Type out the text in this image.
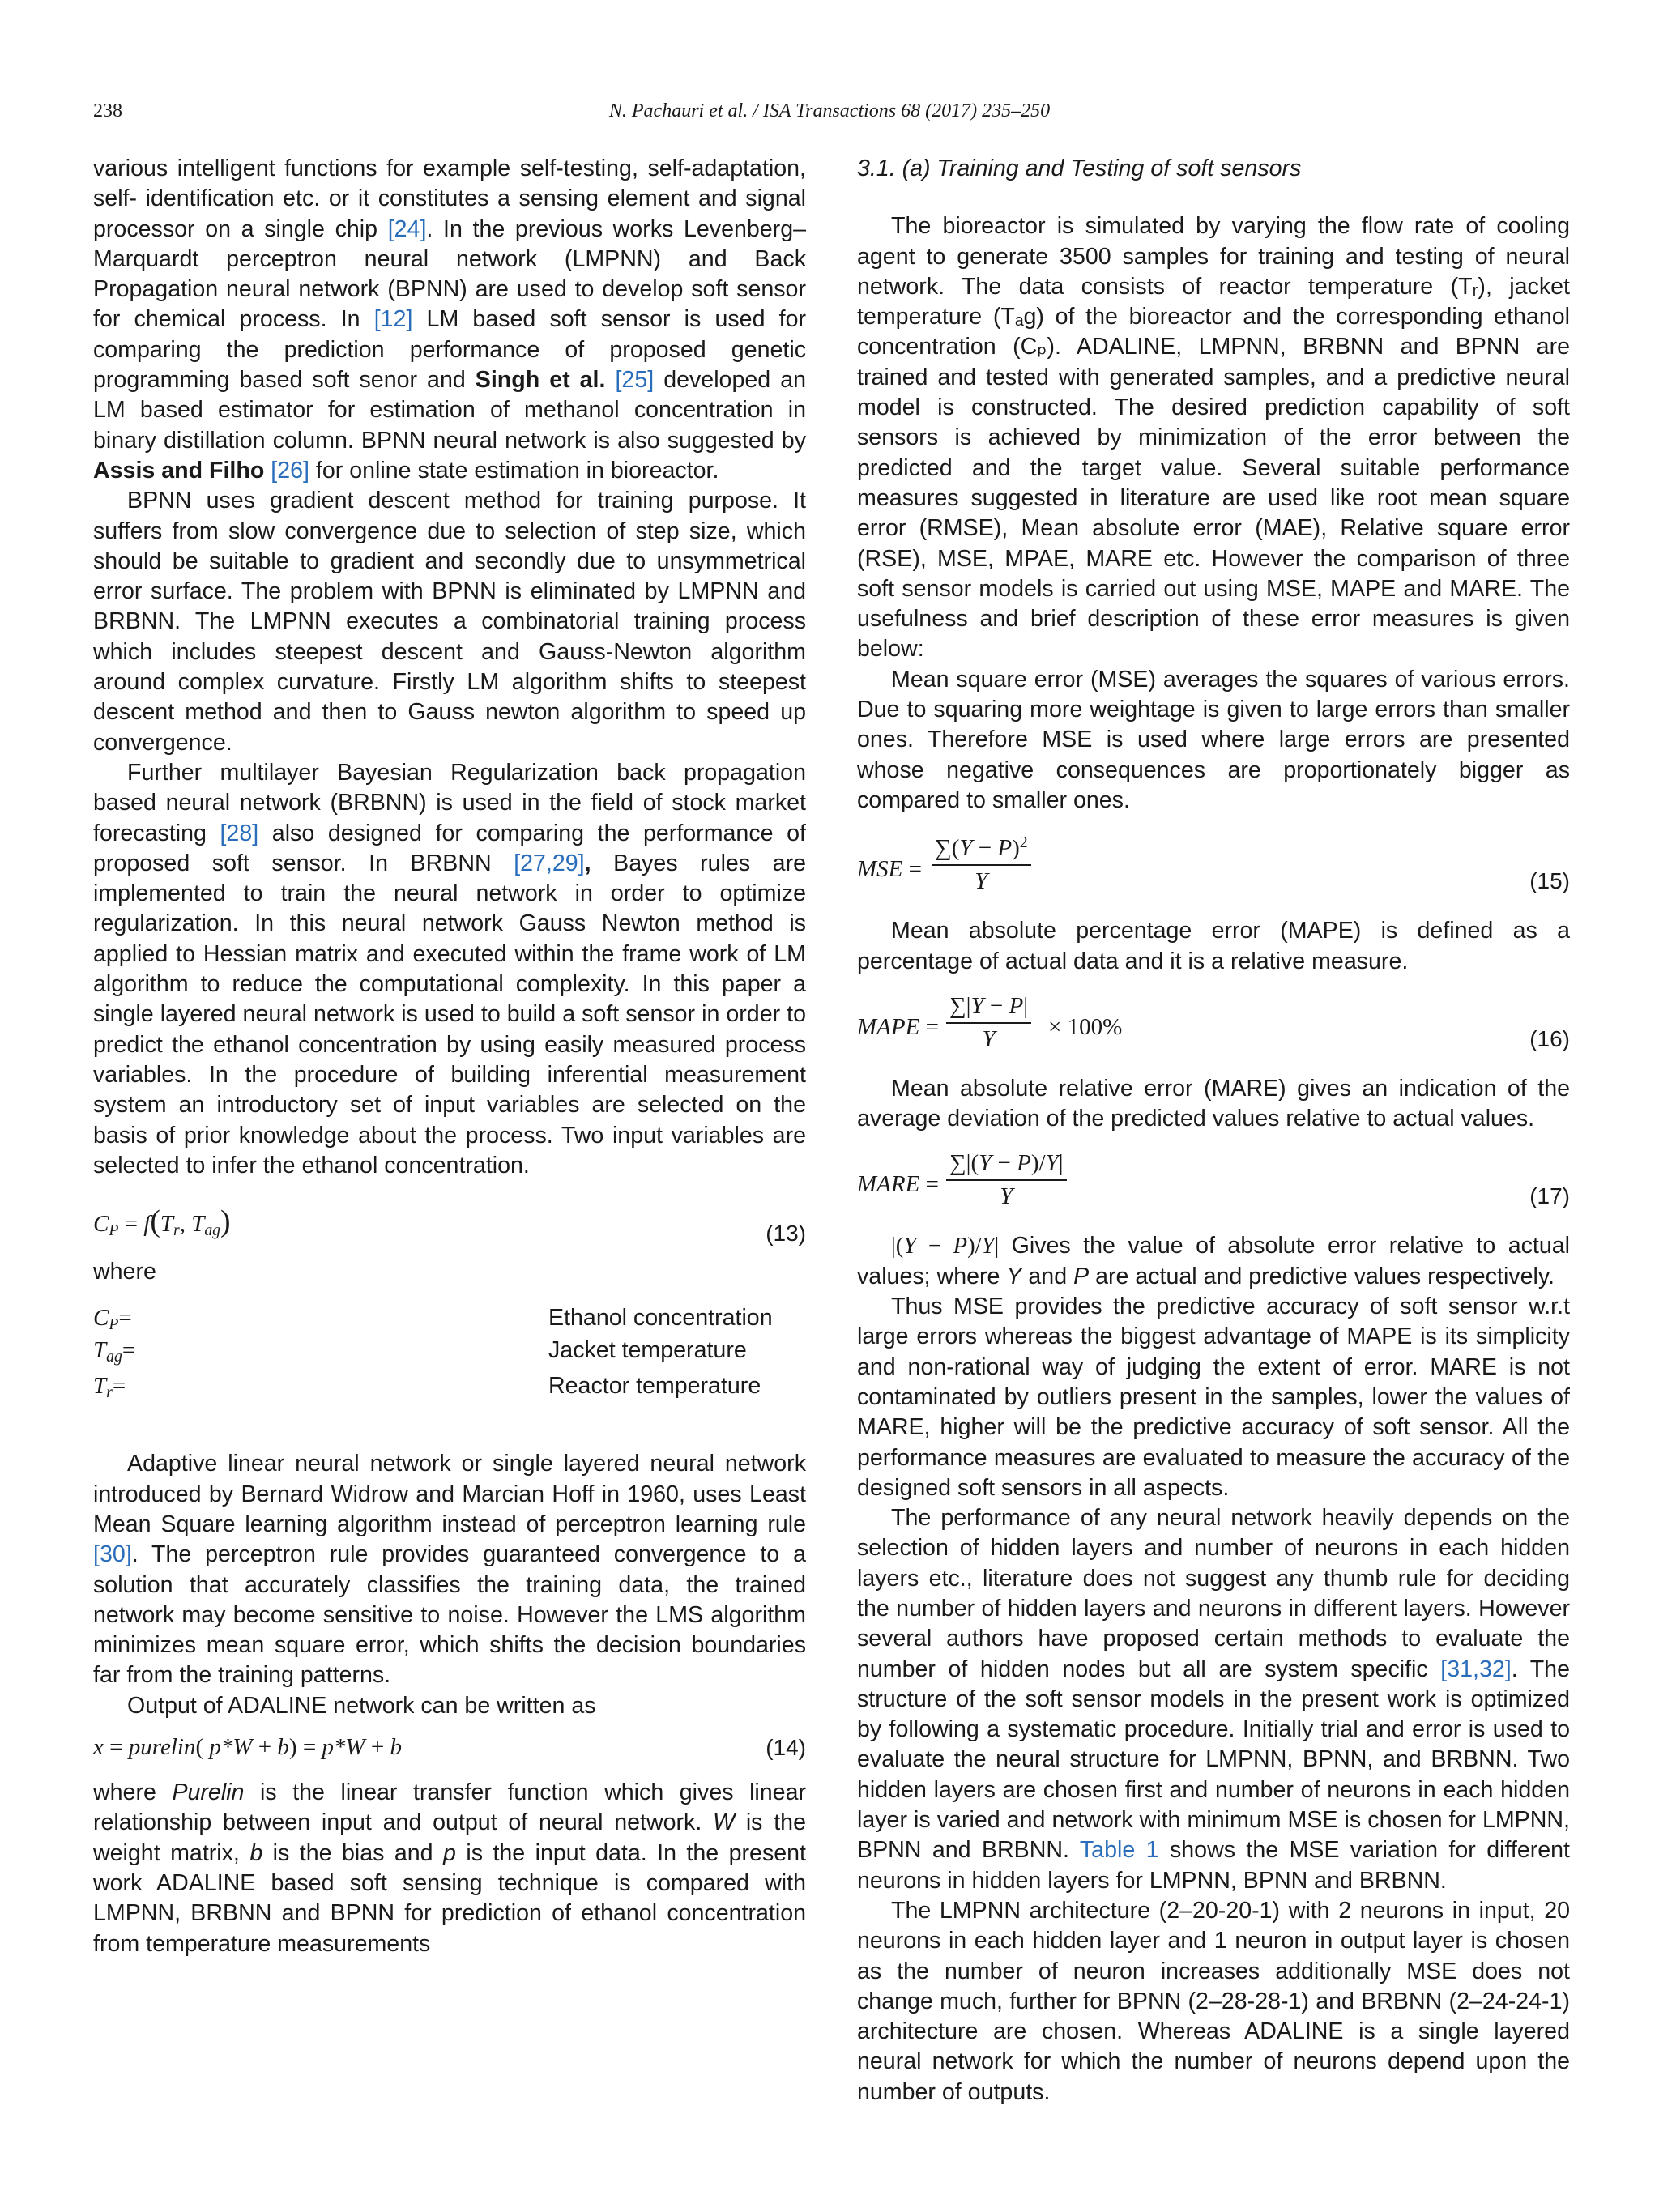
238	N. Pachauri et al. / ISA Transactions 68 (2017) 235–250

various intelligent functions for example self-testing, self-adaptation, self- identification etc. or it constitutes a sensing element and signal processor on a single chip [24]. In the previous works Levenberg–Marquardt perceptron neural network (LMPNN) and Back Propagation neural network (BPNN) are used to develop soft sensor for chemical process. In [12] LM based soft sensor is used for comparing the prediction performance of proposed genetic programming based soft senor and Singh et al. [25] developed an LM based estimator for estimation of methanol concentration in binary distillation column. BPNN neural network is also suggested by Assis and Filho [26] for online state estimation in bioreactor.

BPNN uses gradient descent method for training purpose. It suffers from slow convergence due to selection of step size, which should be suitable to gradient and secondly due to unsymmetrical error surface. The problem with BPNN is eliminated by LMPNN and BRBNN. The LMPNN executes a combinatorial training process which includes steepest descent and Gauss-Newton algorithm around complex curvature. Firstly LM algorithm shifts to steepest descent method and then to Gauss newton algorithm to speed up convergence.

Further multilayer Bayesian Regularization back propagation based neural network (BRBNN) is used in the field of stock market forecasting [28] also designed for comparing the performance of proposed soft sensor. In BRBNN [27,29], Bayes rules are implemented to train the neural network in order to optimize regularization. In this neural network Gauss Newton method is applied to Hessian matrix and executed within the frame work of LM algorithm to reduce the computational complexity. In this paper a single layered neural network is used to build a soft sensor in order to predict the ethanol concentration by using easily measured process variables. In the procedure of building inferential measurement system an introductory set of input variables are selected on the basis of prior knowledge about the process. Two input variables are selected to infer the ethanol concentration.

$C_P = f(T_r$, $T_{ag}$)	(13)

where

$C_P=$	Ethanol concentration
$T_{ag}=$	Jacket temperature
$T_r=$	Reactor temperature

Adaptive linear neural network or single layered neural network introduced by Bernard Widrow and Marcian Hoff in 1960, uses Least Mean Square learning algorithm instead of perceptron learning rule [30]. The perceptron rule provides guaranteed convergence to a solution that accurately classifies the training data, the trained network may become sensitive to noise. However the LMS algorithm minimizes mean square error, which shifts the decision boundaries far from the training patterns.

Output of ADALINE network can be written as

x = purelin( p*W + b) = p*W + b	(14)

where Purelin is the linear transfer function which gives linear relationship between input and output of neural network. W is the weight matrix, b is the bias and p is the input data. In the present work ADALINE based soft sensing technique is compared with LMPNN, BRBNN and BPNN for prediction of ethanol concentration from temperature measurements

3.1. (a) Training and Testing of soft sensors

The bioreactor is simulated by varying the flow rate of cooling agent to generate 3500 samples for training and testing of neural network. The data consists of reactor temperature (Tᵣ), jacket temperature (Tₐg) of the bioreactor and the corresponding ethanol concentration (Cₚ). ADALINE, LMPNN, BRBNN and BPNN are trained and tested with generated samples, and a predictive neural model is constructed. The desired prediction capability of soft sensors is achieved by minimization of the error between the predicted and the target value. Several suitable performance measures suggested in literature are used like root mean square error (RMSE), Mean absolute error (MAE), Relative square error (RSE), MSE, MPAE, MARE etc. However the comparison of three soft sensor models is carried out using MSE, MAPE and MARE. The usefulness and brief description of these error measures is given below:

Mean square error (MSE) averages the squares of various errors. Due to squaring more weightage is given to large errors than smaller ones. Therefore MSE is used where large errors are presented whose negative consequences are proportionately bigger as compared to smaller ones.

MSE = $\frac{\sum(Y - P)^2}{Y}$	(15)

Mean absolute percentage error (MAPE) is defined as a percentage of actual data and it is a relative measure.

MAPE = $\frac{\sum|Y - P|}{Y} \times 100\%$	(16)

Mean absolute relative error (MARE) gives an indication of the average deviation of the predicted values relative to actual values.

MARE = $\frac{\sum|(Y - P)/Y|}{Y}$	(17)

|(Y − P)/Y| Gives the value of absolute error relative to actual values; where Y and P are actual and predictive values respectively.

Thus MSE provides the predictive accuracy of soft sensor w.r.t large errors whereas the biggest advantage of MAPE is its simplicity and non-rational way of judging the extent of error. MARE is not contaminated by outliers present in the samples, lower the values of MARE, higher will be the predictive accuracy of soft sensor. All the performance measures are evaluated to measure the accuracy of the designed soft sensors in all aspects.

The performance of any neural network heavily depends on the selection of hidden layers and number of neurons in each hidden layers etc., literature does not suggest any thumb rule for deciding the number of hidden layers and neurons in different layers. However several authors have proposed certain methods to evaluate the number of hidden nodes but all are system specific [31,32]. The structure of the soft sensor models in the present work is optimized by following a systematic procedure. Initially trial and error is used to evaluate the neural structure for LMPNN, BPNN, and BRBNN. Two hidden layers are chosen first and number of neurons in each hidden layer is varied and network with minimum MSE is chosen for LMPNN, BPNN and BRBNN. Table 1 shows the MSE variation for different neurons in hidden layers for LMPNN, BPNN and BRBNN.

The LMPNN architecture (2–20-20-1) with 2 neurons in input, 20 neurons in each hidden layer and 1 neuron in output layer is chosen as the number of neuron increases additionally MSE does not change much, further for BPNN (2–28-28-1) and BRBNN (2–24-24-1) architecture are chosen. Whereas ADALINE is a single layered neural network for which the number of neurons depend upon the number of outputs.
